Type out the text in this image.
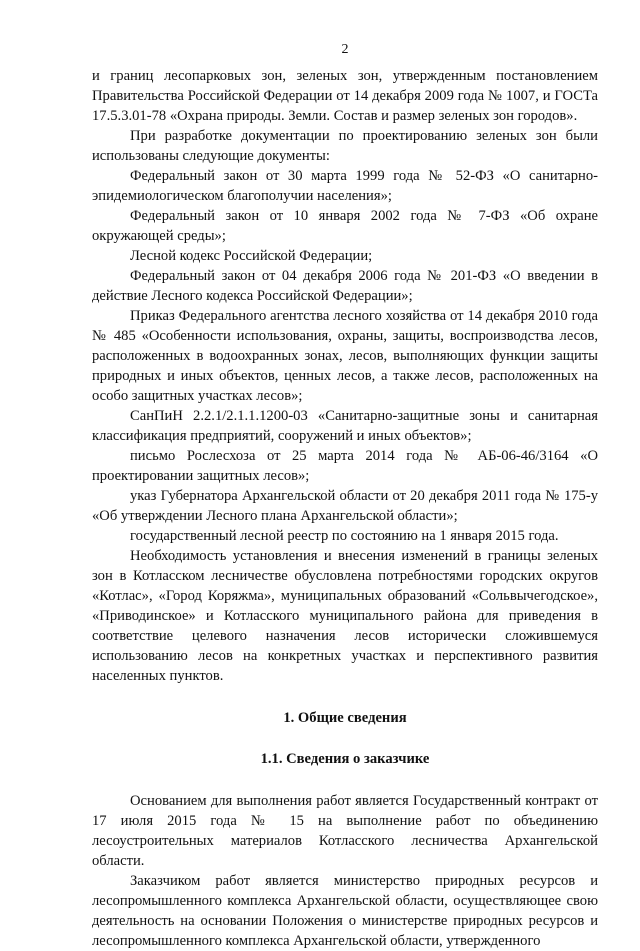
2

и границ лесопарковых зон, зеленых зон, утвержденным постановлением Правительства Российской Федерации от 14 декабря 2009 года № 1007, и ГОСТа 17.5.3.01-78 «Охрана природы. Земли. Состав и размер зеленых зон городов».

При разработке документации по проектированию зеленых зон были использованы следующие документы:

Федеральный закон от 30 марта 1999 года № 52-ФЗ «О санитарно-эпидемиологическом благополучии населения»;

Федеральный закон от 10 января 2002 года № 7-ФЗ «Об охране окружающей среды»;

Лесной кодекс Российской Федерации;

Федеральный закон от 04 декабря 2006 года № 201-ФЗ «О введении в действие Лесного кодекса Российской Федерации»;

Приказ Федерального агентства лесного хозяйства от 14 декабря 2010 года № 485 «Особенности использования, охраны, защиты, воспроизводства лесов, расположенных в водоохранных зонах, лесов, выполняющих функции защиты природных и иных объектов, ценных лесов, а также лесов, расположенных на особо защитных участках лесов»;

СанПиН 2.2.1/2.1.1.1200-03 «Санитарно-защитные зоны и санитарная классификация предприятий, сооружений и иных объектов»;

письмо Рослесхоза от 25 марта 2014 года № АБ-06-46/3164 «О проектировании защитных лесов»;

указ Губернатора Архангельской области от 20 декабря 2011 года № 175-у «Об утверждении Лесного плана Архангельской области»;

государственный лесной реестр по состоянию на 1 января 2015 года.

Необходимость установления и внесения изменений в границы зеленых зон в Котласском лесничестве обусловлена потребностями городских округов «Котлас», «Город Коряжма», муниципальных образований «Сольвычегодское», «Приводинское» и Котласского муниципального района для приведения в соответствие целевого назначения лесов исторически сложившемуся использованию лесов на конкретных участках и перспективного развития населенных пунктов.

1. Общие сведения
1.1. Сведения о заказчике

Основанием для выполнения работ является Государственный контракт от 17 июля 2015 года № 15 на выполнение работ по объединению лесоустроительных материалов Котласского лесничества Архангельской области.

Заказчиком работ является министерство природных ресурсов и лесопромышленного комплекса Архангельской области, осуществляющее свою деятельность на основании Положения о министерстве природных ресурсов и лесопромышленного комплекса Архангельской области, утвержденного
